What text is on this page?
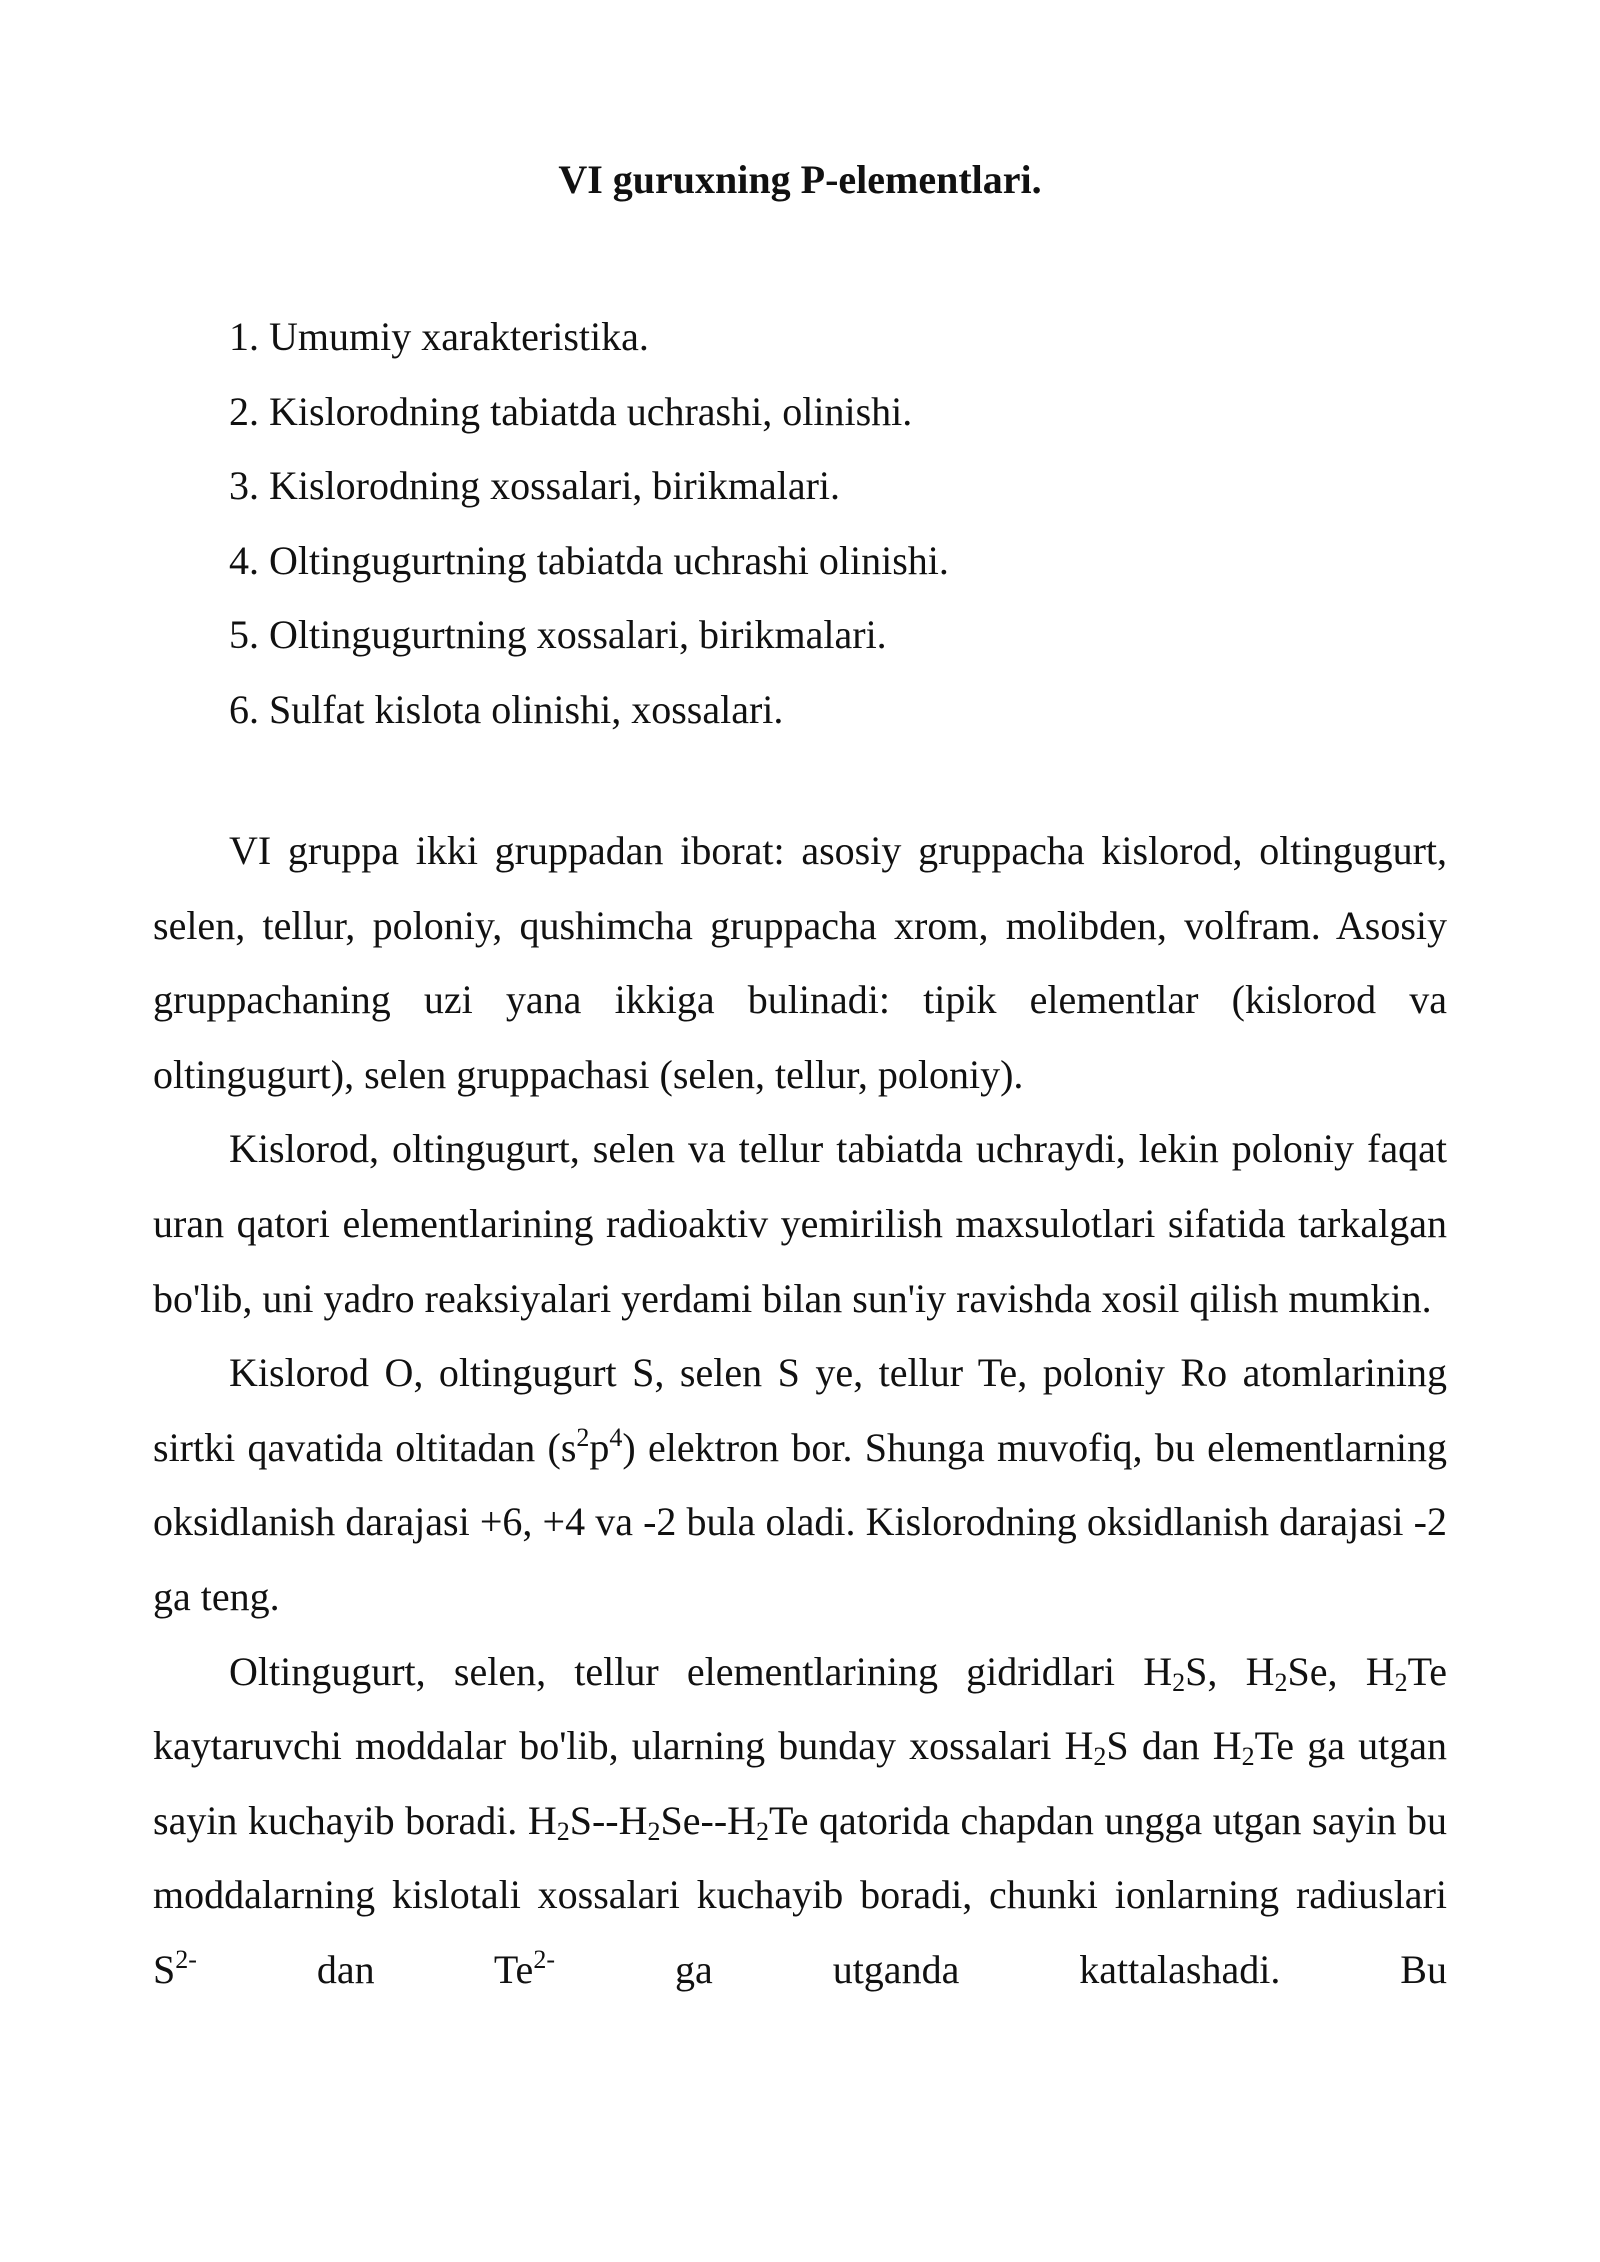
VI guruxning P-elementlari.
1. Umumiy xarakteristika.
2. Kislorodning tabiatda uchrashi, olinishi.
3. Kislorodning xossalari, birikmalari.
4. Oltingugurtning tabiatda uchrashi olinishi.
5. Oltingugurtning xossalari, birikmalari.
6. Sulfat kislota olinishi, xossalari.

VI gruppa ikki gruppadan iborat: asosiy gruppacha kislorod, oltingugurt, selen, tellur, poloniy, qushimcha gruppacha xrom, molibden, volfram. Asosiy gruppachaning uzi yana ikkiga bulinadi: tipik elementlar (kislorod va oltingugurt), selen gruppachasi (selen, tellur, poloniy).

Kislorod, oltingugurt, selen va tellur tabiatda uchraydi, lekin poloniy faqat uran qatori elementlarining radioaktiv yemirilish maxsulotlari sifatida tarkalgan bo'lib, uni yadro reaksiyalari yerdami bilan sun'iy ravishda xosil qilish mumkin.

Kislorod O, oltingugurt S, selen S ye, tellur Te, poloniy Ro atomlarining sirtki qavatida oltitadan $(s^2p^4)$ elektron bor. Shunga muvofiq, bu elementlarning oksidlanish darajasi +6, +4 va -2 bula oladi. Kislorodning oksidlanish darajasi -2 ga teng.

Oltingugurt, selen, tellur elementlarining gidridlari $H_2S$, $H_2Se$, $H_2Te$ kaytaruvchi moddalar bo'lib, ularning bunday xossalari $H_2S$ dan $H_2Te$ ga utgan sayin kuchayib boradi. $H_2S--H_2Se--H_2Te$ qatorida chapdan ungga utgan sayin bu moddalarning kislotali xossalari kuchayib boradi, chunki ionlarning radiuslari $S^{2-}$ dan $Te^{2-}$ ga utganda kattalashadi. Bu
